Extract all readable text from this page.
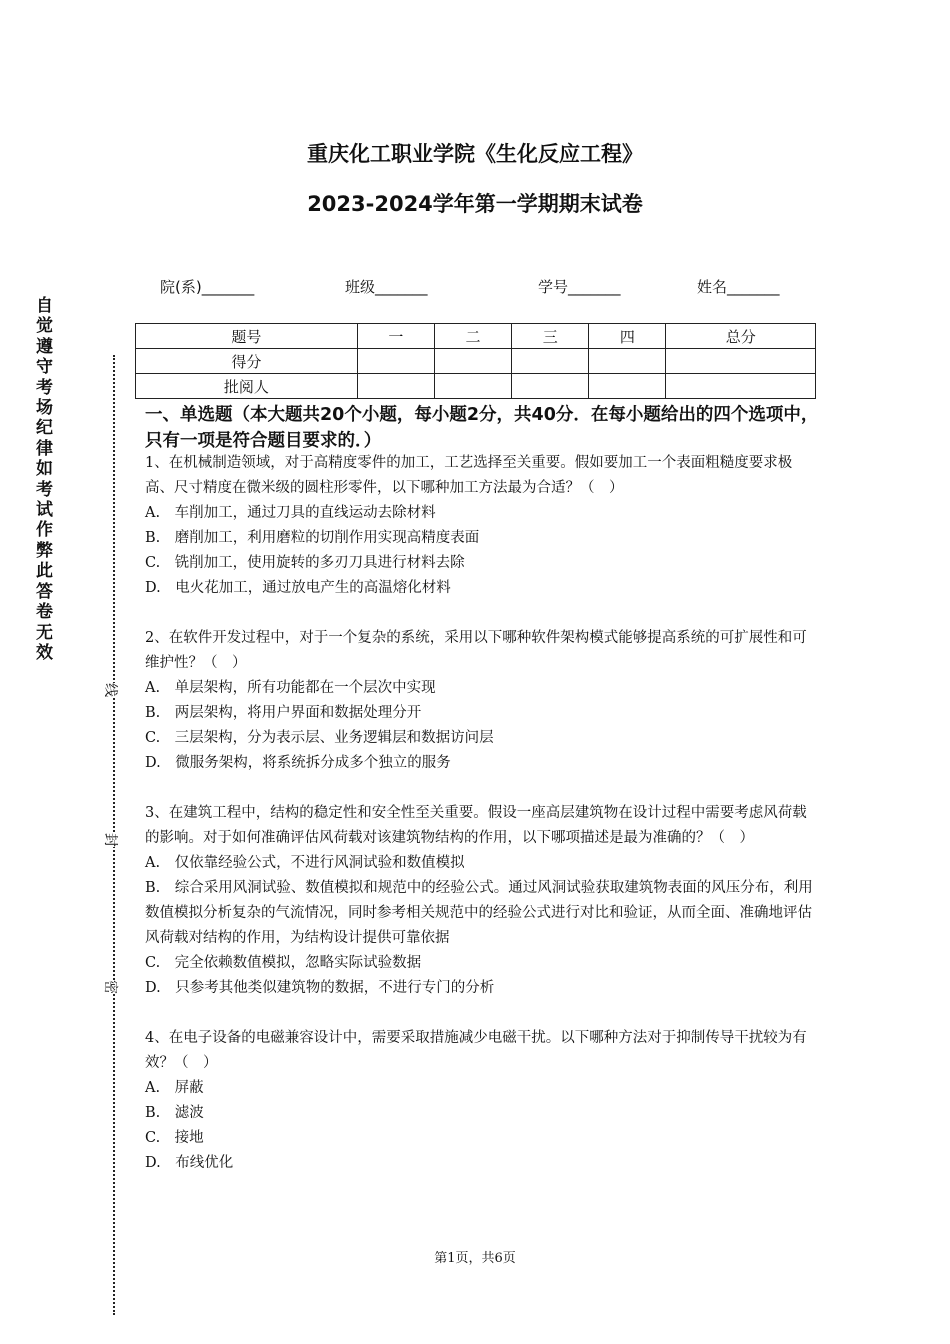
重庆化工职业学院《生化反应工程》
2023-2024学年第一学期期末试卷
院(系)_______	班级_______	学号_______	姓名_______
题号	一	二	三	四	总分
得分					
批阅人					
自觉遵守考场纪律如考试作弊此答卷无效
线
封
密
一、单选题（本大题共20个小题，每小题2分，共40分．在每小题给出的四个选项中，只有一项是符合题目要求的．）

1、在机械制造领域，对于高精度零件的加工，工艺选择至关重要。假如要加工一个表面粗糙度要求极高、尺寸精度在微米级的圆柱形零件，以下哪种加工方法最为合适？（　）

A.　车削加工，通过刀具的直线运动去除材料

B.　磨削加工，利用磨粒的切削作用实现高精度表面

C.　铣削加工，使用旋转的多刃刀具进行材料去除

D.　电火花加工，通过放电产生的高温熔化材料

2、在软件开发过程中，对于一个复杂的系统，采用以下哪种软件架构模式能够提高系统的可扩展性和可维护性？（　）

A.　单层架构，所有功能都在一个层次中实现

B.　两层架构，将用户界面和数据处理分开

C.　三层架构，分为表示层、业务逻辑层和数据访问层

D.　微服务架构，将系统拆分成多个独立的服务

3、在建筑工程中，结构的稳定性和安全性至关重要。假设一座高层建筑物在设计过程中需要考虑风荷载的影响。对于如何准确评估风荷载对该建筑物结构的作用，以下哪项描述是最为准确的？（　）

A.　仅依靠经验公式，不进行风洞试验和数值模拟

B.　综合采用风洞试验、数值模拟和规范中的经验公式。通过风洞试验获取建筑物表面的风压分布，利用数值模拟分析复杂的气流情况，同时参考相关规范中的经验公式进行对比和验证，从而全面、准确地评估风荷载对结构的作用，为结构设计提供可靠依据

C.　完全依赖数值模拟，忽略实际试验数据

D.　只参考其他类似建筑物的数据，不进行专门的分析

4、在电子设备的电磁兼容设计中，需要采取措施减少电磁干扰。以下哪种方法对于抑制传导干扰较为有效？（　）

A.　屏蔽

B.　滤波

C.　接地

D.　布线优化

第1页，共6页
